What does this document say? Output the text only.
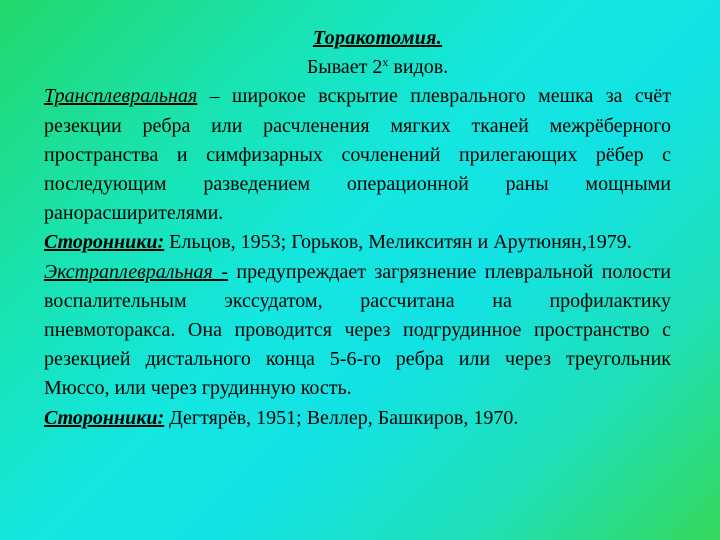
Торакотомия.

Бывает $2^х$ видов.

Трансплевральная – широкое вскрытие плеврального мешка за счёт резекции ребра или расчленения мягких тканей межрёберного пространства и симфизарных сочленений прилегающих рёбер с последующим разведением операционной раны мощными ранорасширителями.

Сторонники: Ельцов, 1953; Горьков, Меликситян и Арутюнян,1979.

Экстраплевральная - предупреждает загрязнение плевральной полости воспалительным экссудатом, рассчитана на профилактику пневмоторакса. Она проводится через подгрудинное пространство с резекцией дистального конца 5-6-го ребра или через треугольник Мюссо, или через грудинную кость.

Сторонники: Дегтярёв, 1951; Веллер, Башкиров, 1970.
